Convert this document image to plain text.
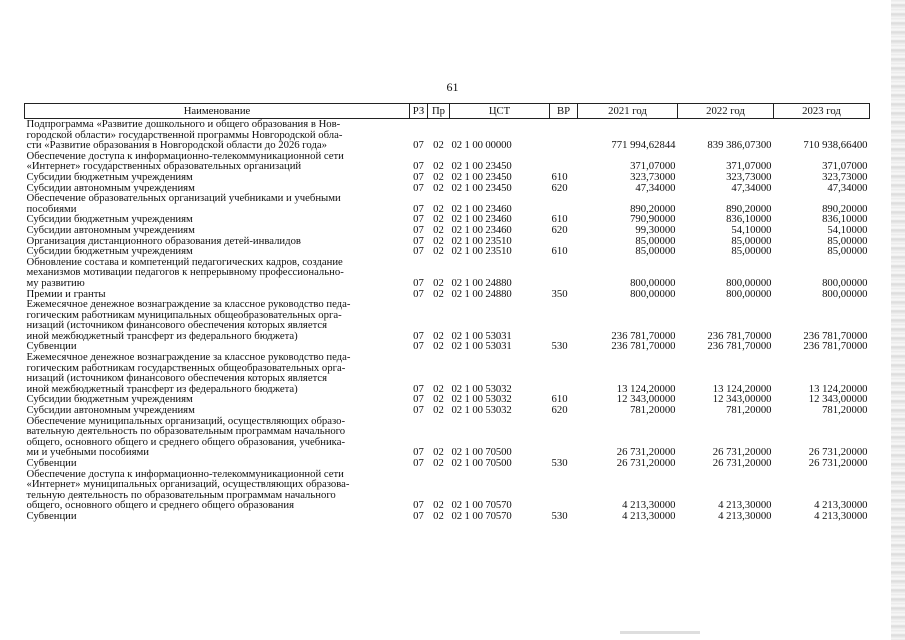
61
Наименование	РЗ	Пр	ЦСТ	ВР	2021 год	2022 год	2023 год

Подпрограмма «Развитие дошкольного и общего образования в Нов-
городской области» государственной программы Новгородской обла-
сти «Развитие образования в Новгородской области до 2026 года»	07	02	02 1 00 00000		771 994,62844	839 386,07300	710 938,66400

Обеспечение доступа к информационно-телекоммуникационной сети
«Интернет» государственных образовательных организаций	07	02	02 1 00 23450		371,07000	371,07000	371,07000

Субсидии бюджетным учреждениям	07	02	02 1 00 23450	610	323,73000	323,73000	323,73000

Субсидии автономным учреждениям	07	02	02 1 00 23450	620	47,34000	47,34000	47,34000

Обеспечение образовательных организаций учебниками и учебными
пособиями	07	02	02 1 00 23460		890,20000	890,20000	890,20000

Субсидии бюджетным учреждениям	07	02	02 1 00 23460	610	790,90000	836,10000	836,10000

Субсидии автономным учреждениям	07	02	02 1 00 23460	620	99,30000	54,10000	54,10000

Организация дистанционного образования детей-инвалидов	07	02	02 1 00 23510		85,00000	85,00000	85,00000

Субсидии бюджетным учреждениям	07	02	02 1 00 23510	610	85,00000	85,00000	85,00000

Обновление состава и компетенций педагогических кадров, создание
механизмов мотивации педагогов к непрерывному профессионально-
му развитию	07	02	02 1 00 24880		800,00000	800,00000	800,00000

Премии и гранты	07	02	02 1 00 24880	350	800,00000	800,00000	800,00000

Ежемесячное денежное вознаграждение за классное руководство педа-
гогическим работникам муниципальных общеобразовательных орга-
низаций (источником финансового обеспечения которых является
иной межбюджетный трансферт из федерального бюджета)	07	02	02 1 00 53031		236 781,70000	236 781,70000	236 781,70000

Субвенции	07	02	02 1 00 53031	530	236 781,70000	236 781,70000	236 781,70000

Ежемесячное денежное вознаграждение за классное руководство педа-
гогическим работникам государственных общеобразовательных орга-
низаций (источником финансового обеспечения которых является
иной межбюджетный трансферт из федерального бюджета)	07	02	02 1 00 53032		13 124,20000	13 124,20000	13 124,20000

Субсидии бюджетным учреждениям	07	02	02 1 00 53032	610	12 343,00000	12 343,00000	12 343,00000

Субсидии автономным учреждениям	07	02	02 1 00 53032	620	781,20000	781,20000	781,20000

Обеспечение муниципальных организаций, осуществляющих образо-
вательную деятельность по образовательным программам начального
общего, основного общего и среднего общего образования, учебника-
ми и учебными пособиями	07	02	02 1 00 70500		26 731,20000	26 731,20000	26 731,20000

Субвенции	07	02	02 1 00 70500	530	26 731,20000	26 731,20000	26 731,20000

Обеспечение доступа к информационно-телекоммуникационной сети
«Интернет» муниципальных организаций, осуществляющих образова-
тельную деятельность по образовательным программам начального
общего, основного общего и среднего общего образования	07	02	02 1 00 70570		4 213,30000	4 213,30000	4 213,30000

Субвенции	07	02	02 1 00 70570	530	4 213,30000	4 213,30000	4 213,30000
